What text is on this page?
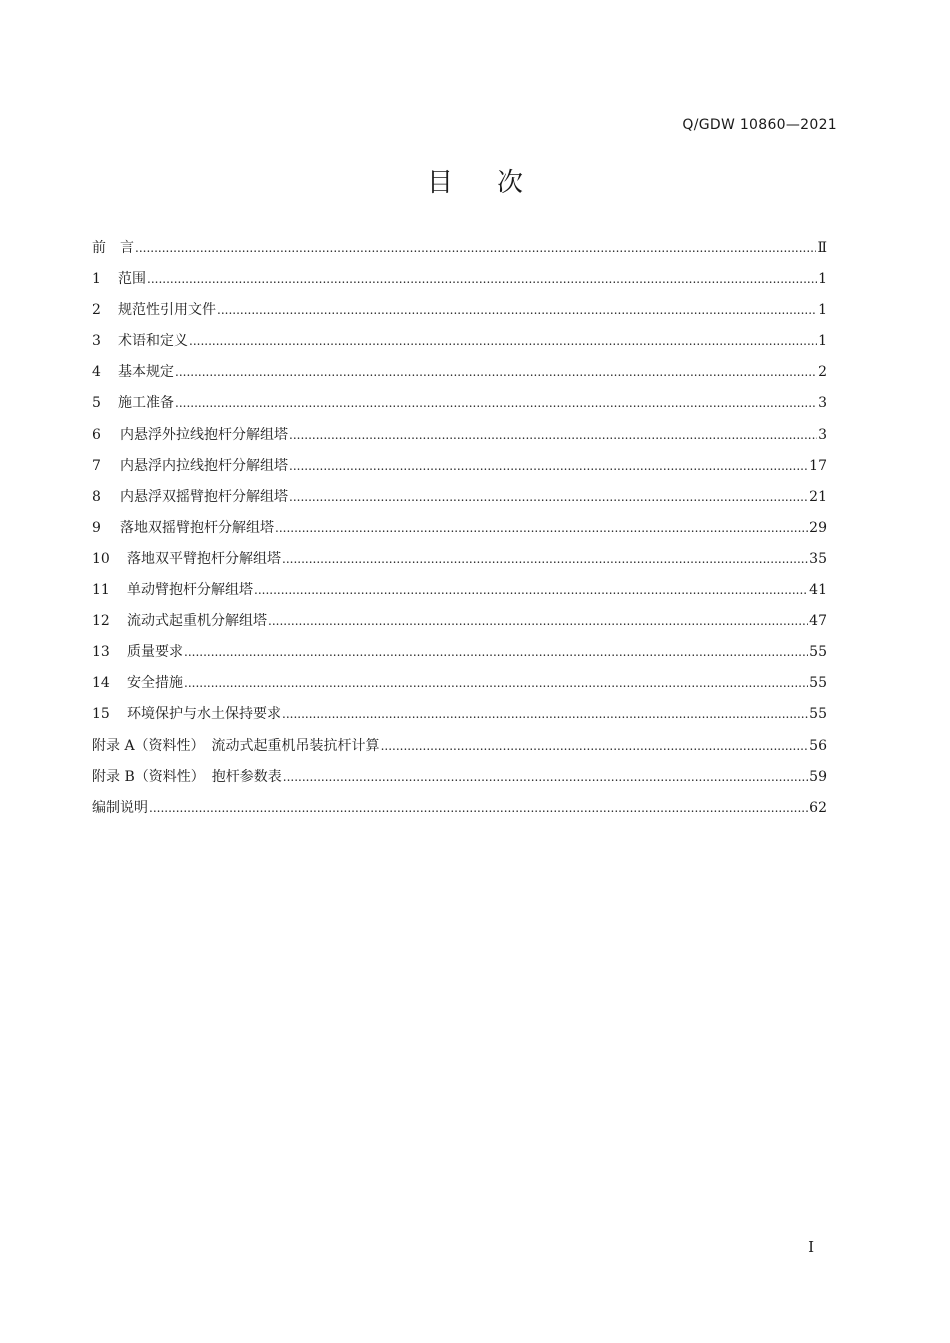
Q/GDW 10860—2021
目次
前　言 .....	Ⅱ
1	范围 .....	1
2	规范性引用文件 .....	1
3	术语和定义 .....	1
4	基本规定 .....	2
5	施工准备 .....	3
6	内悬浮外拉线抱杆分解组塔 .....	3
7	内悬浮内拉线抱杆分解组塔 .....	17
8	内悬浮双摇臂抱杆分解组塔 .....	21
9	落地双摇臂抱杆分解组塔 .....	29
10	落地双平臂抱杆分解组塔 .....	35
11	单动臂抱杆分解组塔 .....	41
12	流动式起重机分解组塔 .....	47
13	质量要求 .....	55
14	安全措施 .....	55
15	环境保护与水土保持要求 .....	55
附录 A（资料性）　流动式起重机吊装抗杆计算 .....	56
附录 B（资料性）　抱杆参数表 .....	59
编制说明 .....	62
I
